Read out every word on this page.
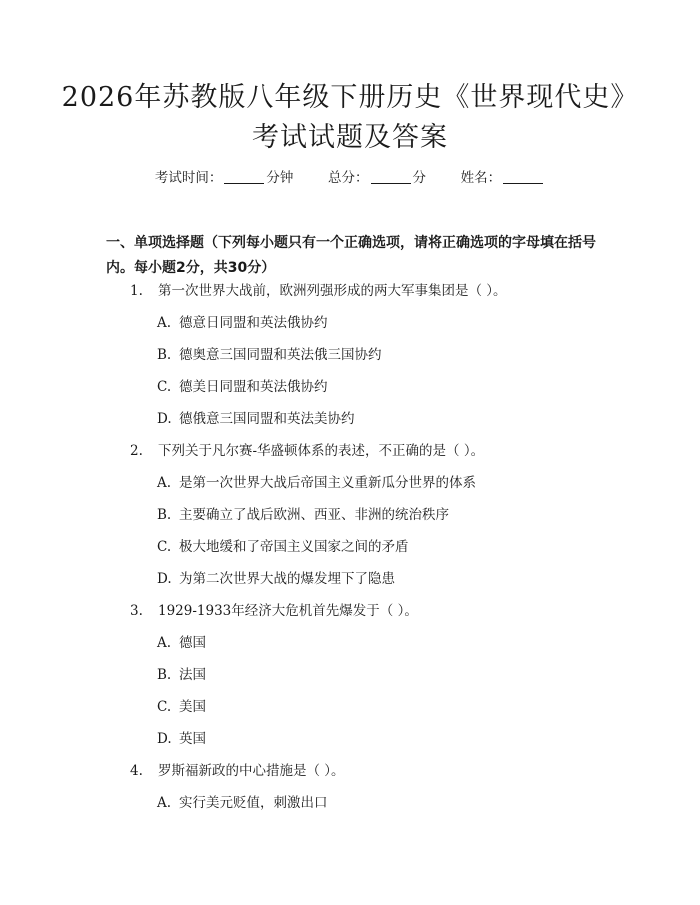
2026年苏教版八年级下册历史《世界现代史》考试试题及答案
考试时间：	分钟	总分：	分	姓名：
一、单项选择题（下列每小题只有一个正确选项，请将正确选项的字母填在括号内。每小题2分，共30分）
1. 第一次世界大战前，欧洲列强形成的两大军事集团是（ ）。
A. 德意日同盟和英法俄协约
B. 德奥意三国同盟和英法俄三国协约
C. 德美日同盟和英法俄协约
D. 德俄意三国同盟和英法美协约
2. 下列关于凡尔赛-华盛顿体系的表述，不正确的是（ ）。
A. 是第一次世界大战后帝国主义重新瓜分世界的体系
B. 主要确立了战后欧洲、西亚、非洲的统治秩序
C. 极大地缓和了帝国主义国家之间的矛盾
D. 为第二次世界大战的爆发埋下了隐患
3. 1929-1933年经济大危机首先爆发于（ ）。
A. 德国
B. 法国
C. 美国
D. 英国
4. 罗斯福新政的中心措施是（ ）。
A. 实行美元贬值，刺激出口
